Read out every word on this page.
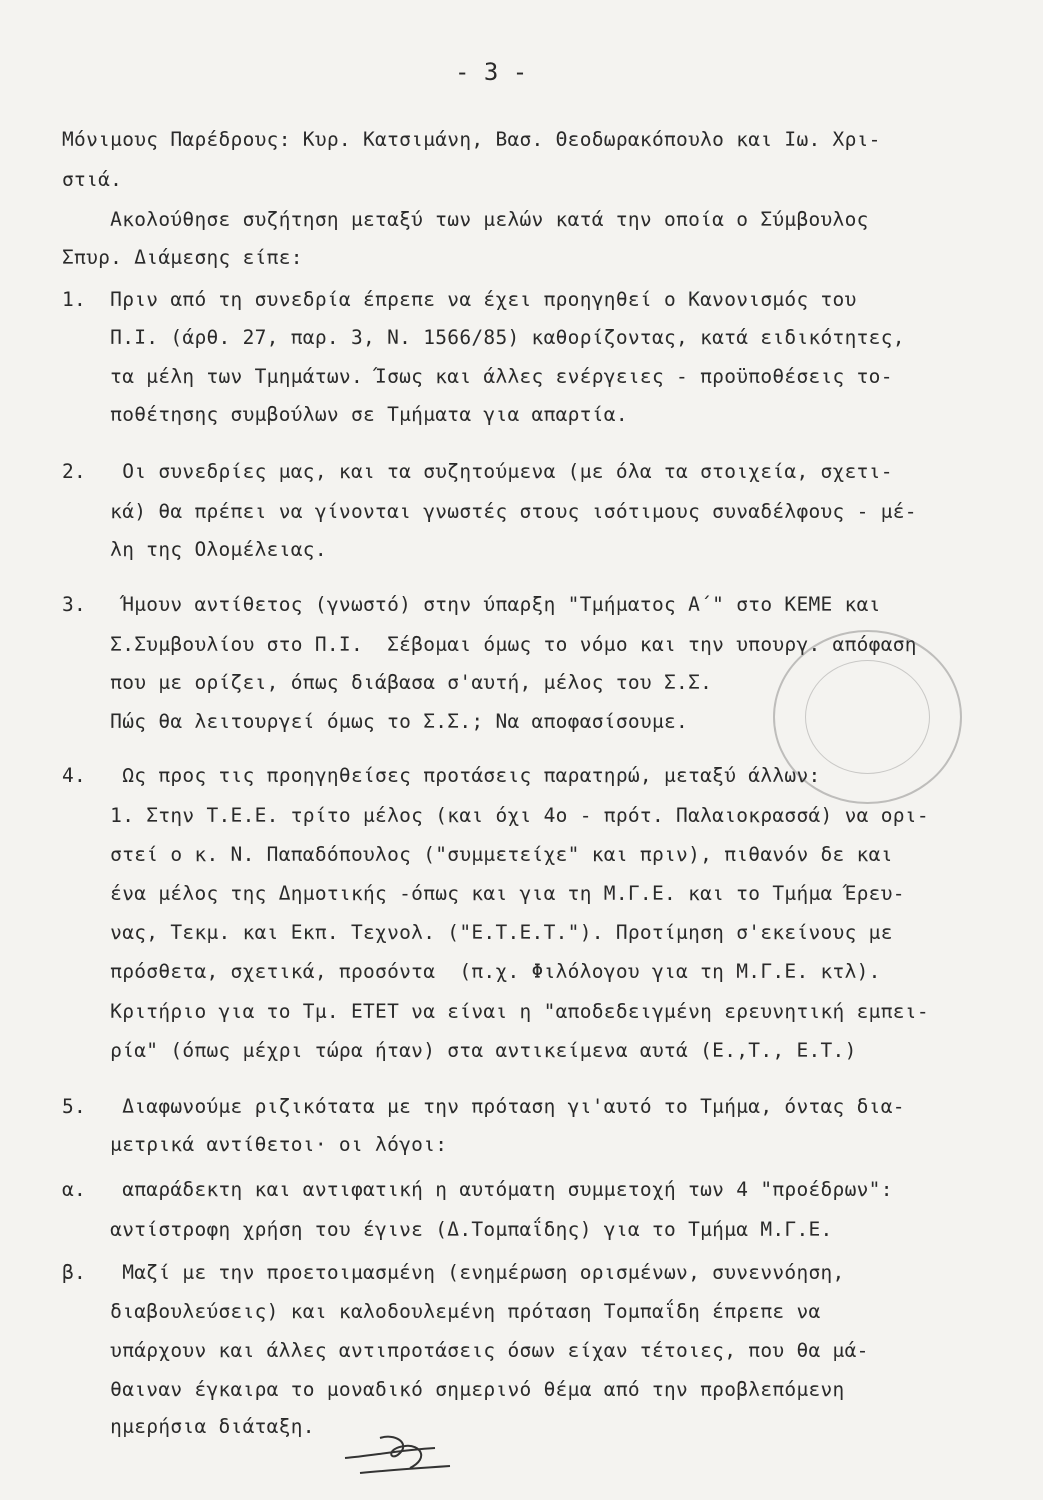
- 3 -
Μόνιμους Παρέδρους: Κυρ. Κατσιμάνη, Βασ. Θεοδωρακόπουλο και Ιω. Χρι-
στιά.
Ακολούθησε συζήτηση μεταξύ των μελών κατά την οποία ο Σύμβουλος
Σπυρ. Διάμεσης είπε:
1.  Πριν από τη συνεδρία έπρεπε να έχει προηγηθεί ο Κανονισμός του
Π.Ι. (άρθ. 27, παρ. 3, Ν. 1566/85) καθορίζοντας, κατά ειδικότητες,
τα μέλη των Τμημάτων. Ίσως και άλλες ενέργειες - προϋποθέσεις το-
ποθέτησης συμβούλων σε Τμήματα για απαρτία.
2.   Οι συνεδρίες μας, και τα συζητούμενα (με όλα τα στοιχεία, σχετι-
κά) θα πρέπει να γίνονται γνωστές στους ισότιμους συναδέλφους - μέ-
λη της Ολομέλειας.
3.   Ήμουν αντίθετος (γνωστό) στην ύπαρξη "Τμήματος Α΄" στο ΚΕΜΕ και
Σ.Συμβουλίου στο Π.Ι.  Σέβομαι όμως το νόμο και την υπουργ. απόφαση
που με ορίζει, όπως διάβασα σ'αυτή, μέλος του Σ.Σ.
Πώς θα λειτουργεί όμως το Σ.Σ.; Να αποφασίσουμε.
4.   Ως προς τις προηγηθείσες προτάσεις παρατηρώ, μεταξύ άλλων:
1. Στην Τ.Ε.Ε. τρίτο μέλος (και όχι 4ο - πρότ. Παλαιοκρασσά) να ορι-
στεί ο κ. Ν. Παπαδόπουλος ("συμμετείχε" και πριν), πιθανόν δε και
ένα μέλος της Δημοτικής -όπως και για τη Μ.Γ.Ε. και το Τμήμα Έρευ-
νας, Τεκμ. και Εκπ. Τεχνολ. ("Ε.Τ.Ε.Τ."). Προτίμηση σ'εκείνους με
πρόσθετα, σχετικά, προσόντα  (π.χ. Φιλόλογου για τη Μ.Γ.Ε. κτλ).
Κριτήριο για το Τμ. ΕΤΕΤ να είναι η "αποδεδειγμένη ερευνητική εμπει-
ρία" (όπως μέχρι τώρα ήταν) στα αντικείμενα αυτά (Ε.,Τ., Ε.Τ.)
5.   Διαφωνούμε ριζικότατα με την πρόταση γι'αυτό το Τμήμα, όντας δια-
μετρικά αντίθετοι· οι λόγοι:
α.   απαράδεκτη και αντιφατική η αυτόματη συμμετοχή των 4 "προέδρων":
αντίστροφη χρήση του έγινε (Δ.Τομπαΐδης) για το Τμήμα Μ.Γ.Ε.
β.   Μαζί με την προετοιμασμένη (ενημέρωση ορισμένων, συνεννόηση,
διαβουλεύσεις) και καλοδουλεμένη πρόταση Τομπαΐδη έπρεπε να
υπάρχουν και άλλες αντιπροτάσεις όσων είχαν τέτοιες, που θα μά-
θαιναν έγκαιρα το μοναδικό σημερινό θέμα από την προβλεπόμενη
ημερήσια διάταξη.
